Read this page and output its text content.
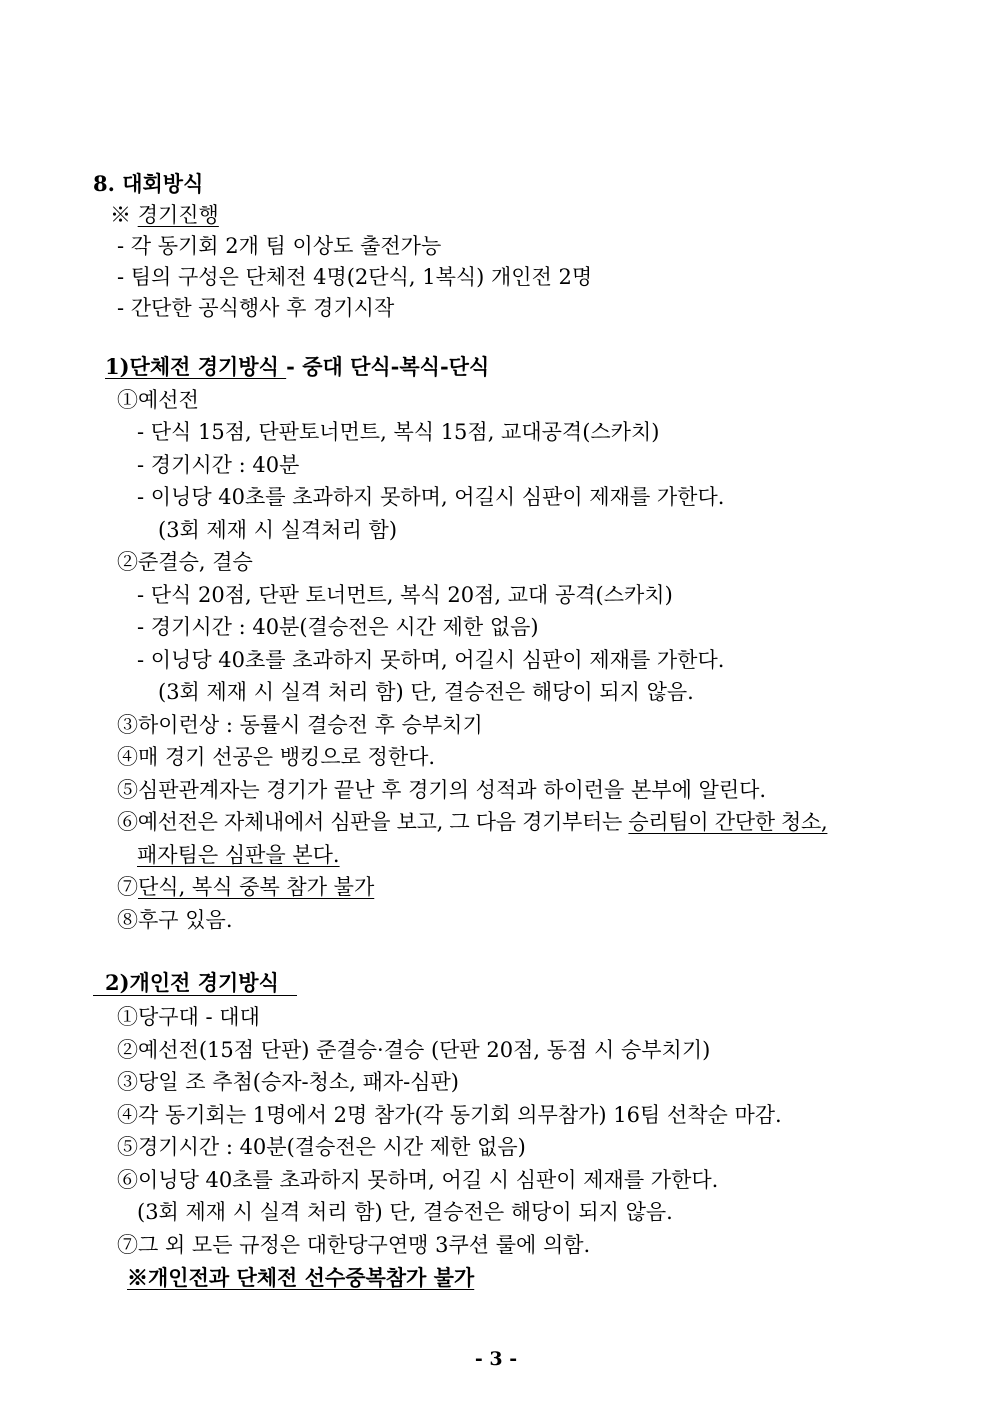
8. 대회방식
※ 경기진행
- 각 동기회 2개 팀 이상도 출전가능
- 팀의 구성은 단체전 4명(2단식, 1복식) 개인전 2명
- 간단한 공식행사 후 경기시작
1)단체전 경기방식 - 중대 단식-복식-단식
①예선전
- 단식 15점, 단판토너먼트, 복식 15점, 교대공격(스카치)
- 경기시간 : 40분
- 이닝당 40초를 초과하지 못하며, 어길시 심판이 제재를 가한다.
(3회 제재 시 실격처리 함)
②준결승, 결승
- 단식 20점, 단판 토너먼트, 복식 20점, 교대 공격(스카치)
- 경기시간 : 40분(결승전은 시간 제한 없음)
- 이닝당 40초를 초과하지 못하며, 어길시 심판이 제재를 가한다.
(3회 제재 시 실격 처리 함) 단, 결승전은 해당이 되지 않음.
③하이런상 : 동률시 결승전 후 승부치기
④매 경기 선공은 뱅킹으로 정한다.
⑤심판관계자는 경기가 끝난 후 경기의 성적과 하이런을 본부에 알린다.
⑥예선전은 자체내에서 심판을 보고, 그 다음 경기부터는 승리팀이 간단한 청소,
패자팀은 심판을 본다.
⑦단식, 복식 중복 참가 불가
⑧후구 있음.
2)개인전 경기방식
①당구대 - 대대
②예선전(15점 단판) 준결승·결승 (단판 20점, 동점 시 승부치기)
③당일 조 추첨(승자-청소, 패자-심판)
④각 동기회는 1명에서 2명 참가(각 동기회 의무참가) 16팀 선착순 마감.
⑤경기시간 : 40분(결승전은 시간 제한 없음)
⑥이닝당 40초를 초과하지 못하며, 어길 시 심판이 제재를 가한다.
(3회 제재 시 실격 처리 함) 단, 결승전은 해당이 되지 않음.
⑦그 외 모든 규정은 대한당구연맹 3쿠션 룰에 의함.
※개인전과 단체전 선수중복참가 불가
- 3 -
